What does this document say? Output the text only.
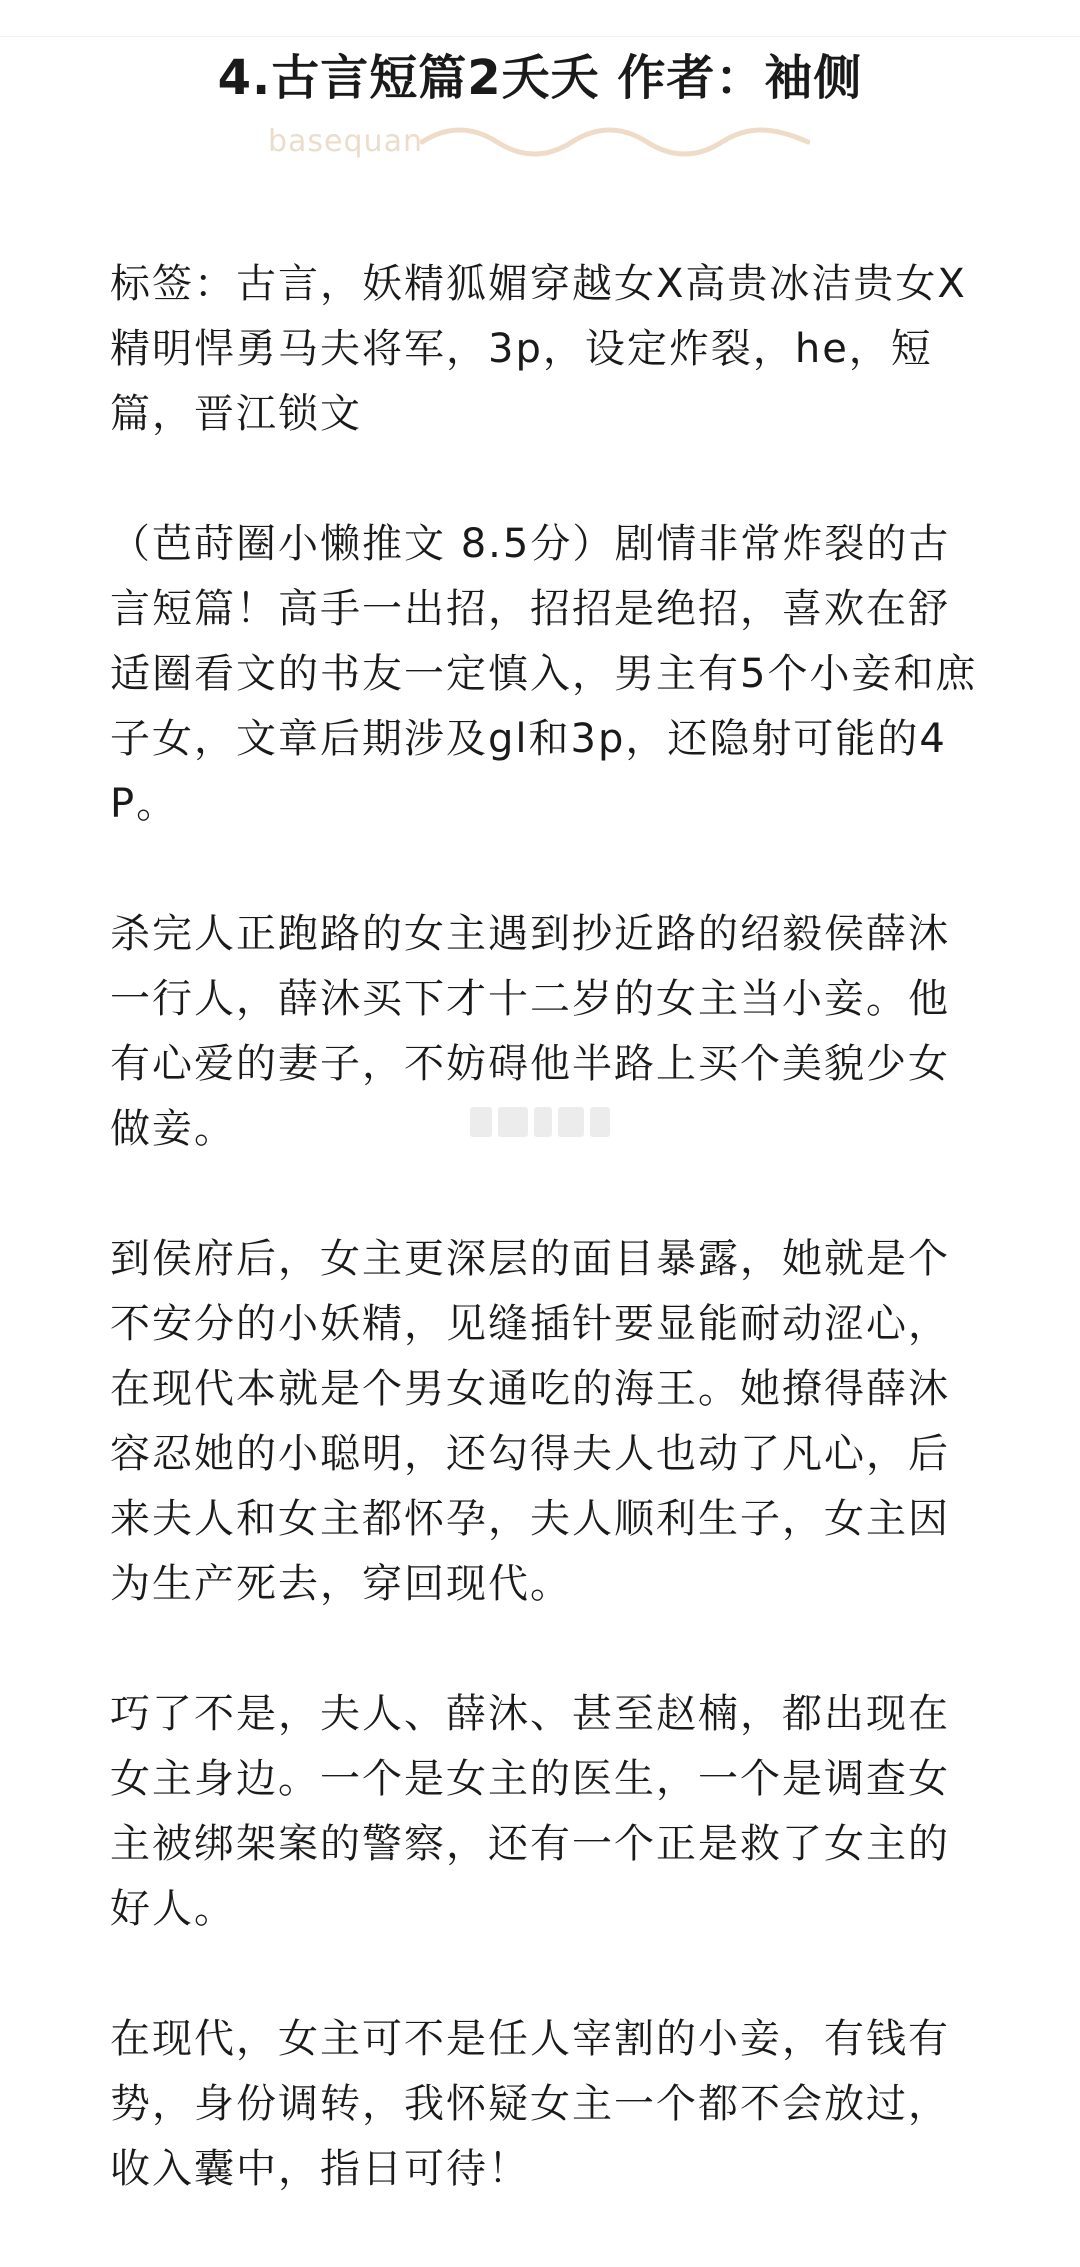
4.古言短篇2夭夭 作者：袖侧
basequan

标签：古言，妖精狐媚穿越女X高贵冰洁贵女X精明悍勇马夫将军，3p，设定炸裂，he，短篇，晋江锁文

（芭莳圈小懒推文 8.5分）剧情非常炸裂的古言短篇！高手一出招，招招是绝招，喜欢在舒适圈看文的书友一定慎入，男主有5个小妾和庶子女，文章后期涉及gl和3p，还隐射可能的4P。

杀完人正跑路的女主遇到抄近路的绍毅侯薛沐一行人，薛沐买下才十二岁的女主当小妾。他有心爱的妻子，不妨碍他半路上买个美貌少女做妾。

到侯府后，女主更深层的面目暴露，她就是个不安分的小妖精，见缝插针要显能耐动涩心，在现代本就是个男女通吃的海王。她撩得薛沐容忍她的小聪明，还勾得夫人也动了凡心，后来夫人和女主都怀孕，夫人顺利生子，女主因为生产死去，穿回现代。

巧了不是，夫人、薛沐、甚至赵楠，都出现在女主身边。一个是女主的医生，一个是调查女主被绑架案的警察，还有一个正是救了女主的好人。

在现代，女主可不是任人宰割的小妾，有钱有势，身份调转，我怀疑女主一个都不会放过，收入囊中，指日可待！
